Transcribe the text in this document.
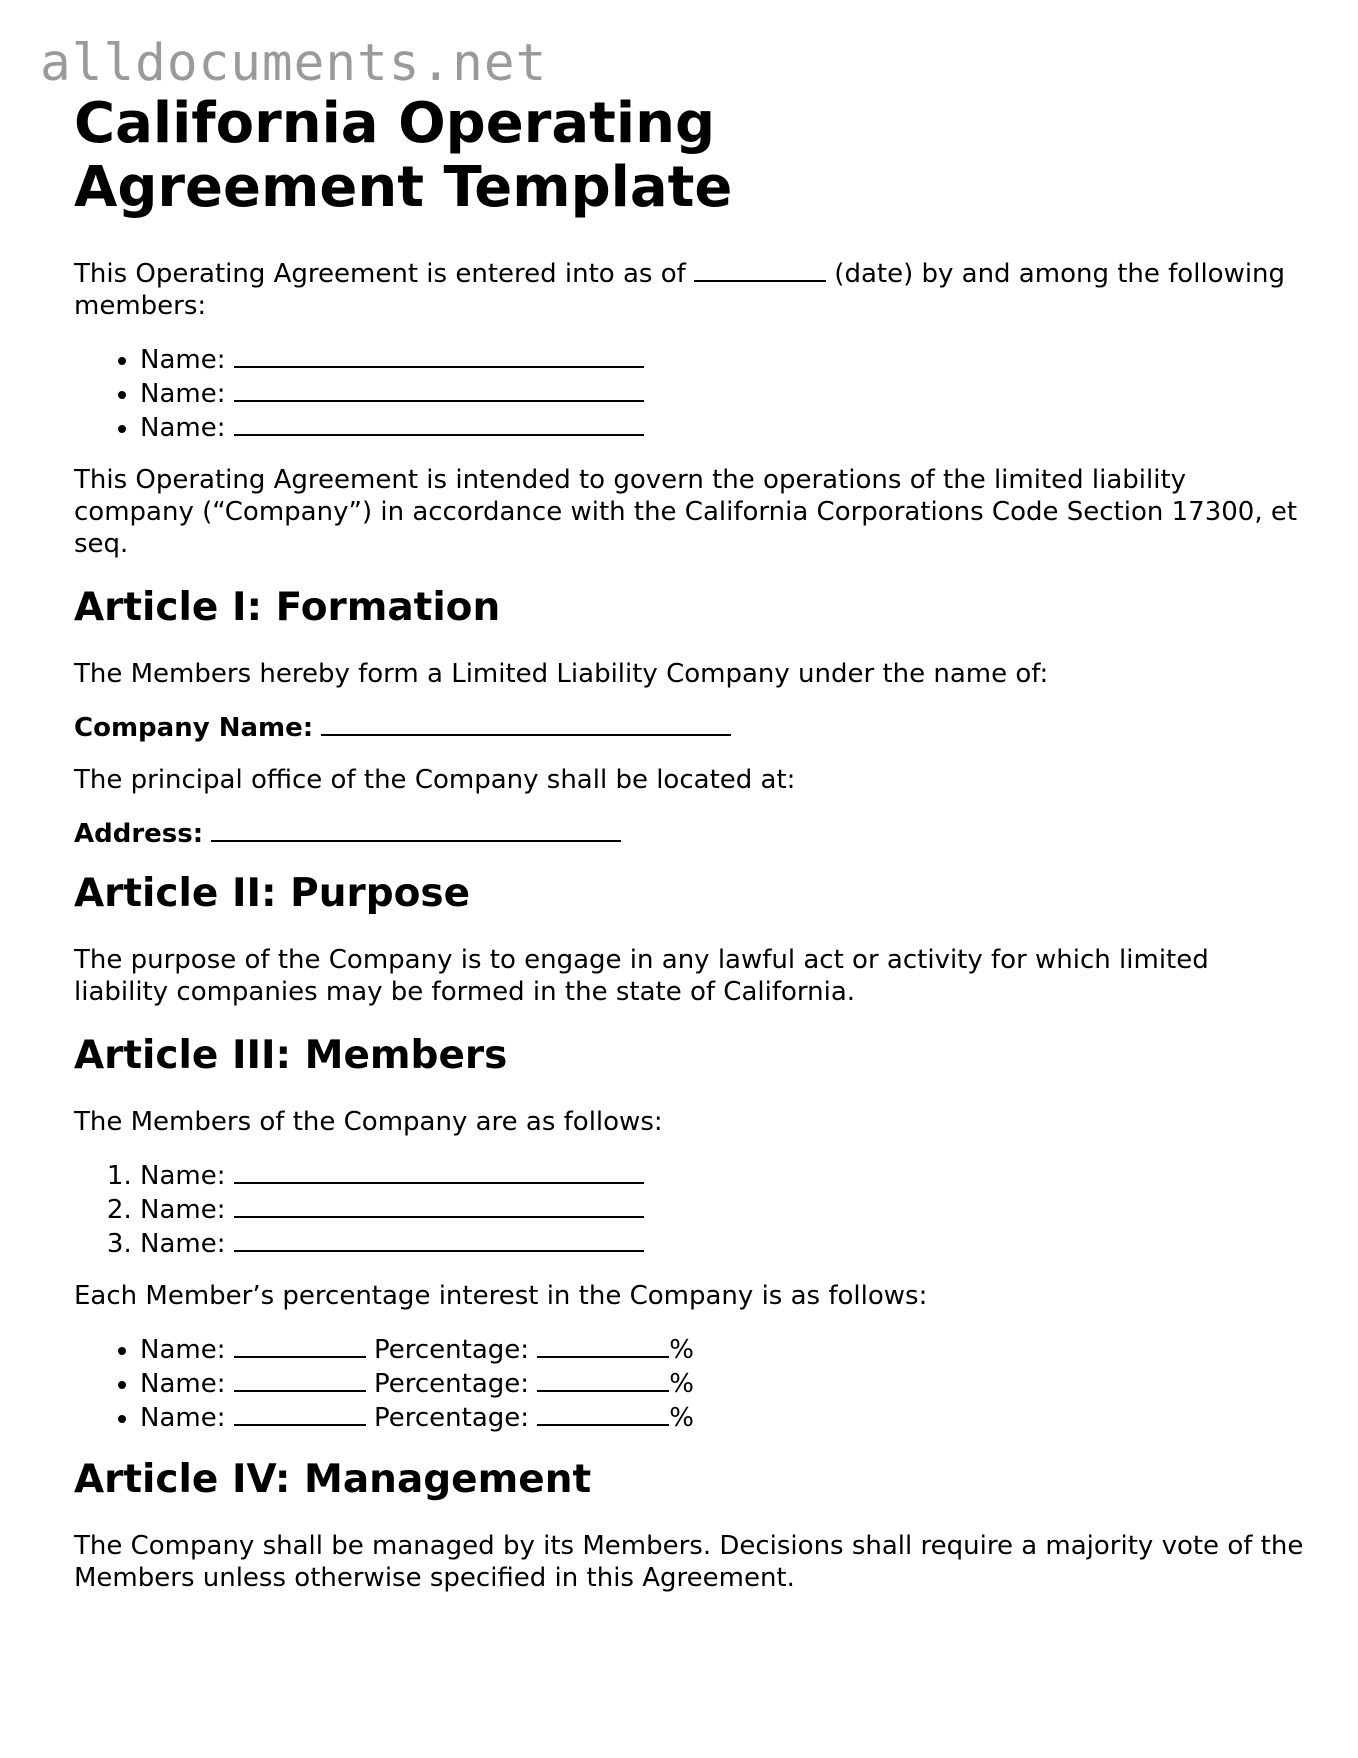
alldocuments.net
California Operating Agreement Template

This Operating Agreement is entered into as of	(date) by and among the following members:

• Name:
• Name:
• Name:

This Operating Agreement is intended to govern the operations of the limited liability company (“Company”) in accordance with the California Corporations Code Section 17300, et seq.

Article I: Formation

The Members hereby form a Limited Liability Company under the name of:

Company Name:

The principal office of the Company shall be located at:

Address:

Article II: Purpose

The purpose of the Company is to engage in any lawful act or activity for which limited liability companies may be formed in the state of California.

Article III: Members

The Members of the Company are as follows:

1. Name:
2. Name:
3. Name:

Each Member’s percentage interest in the Company is as follows:

• Name:	Percentage:	%
• Name:	Percentage:	%
• Name:	Percentage:	%
Article IV: Management

The Company shall be managed by its Members. Decisions shall require a majority vote of the Members unless otherwise specified in this Agreement.
